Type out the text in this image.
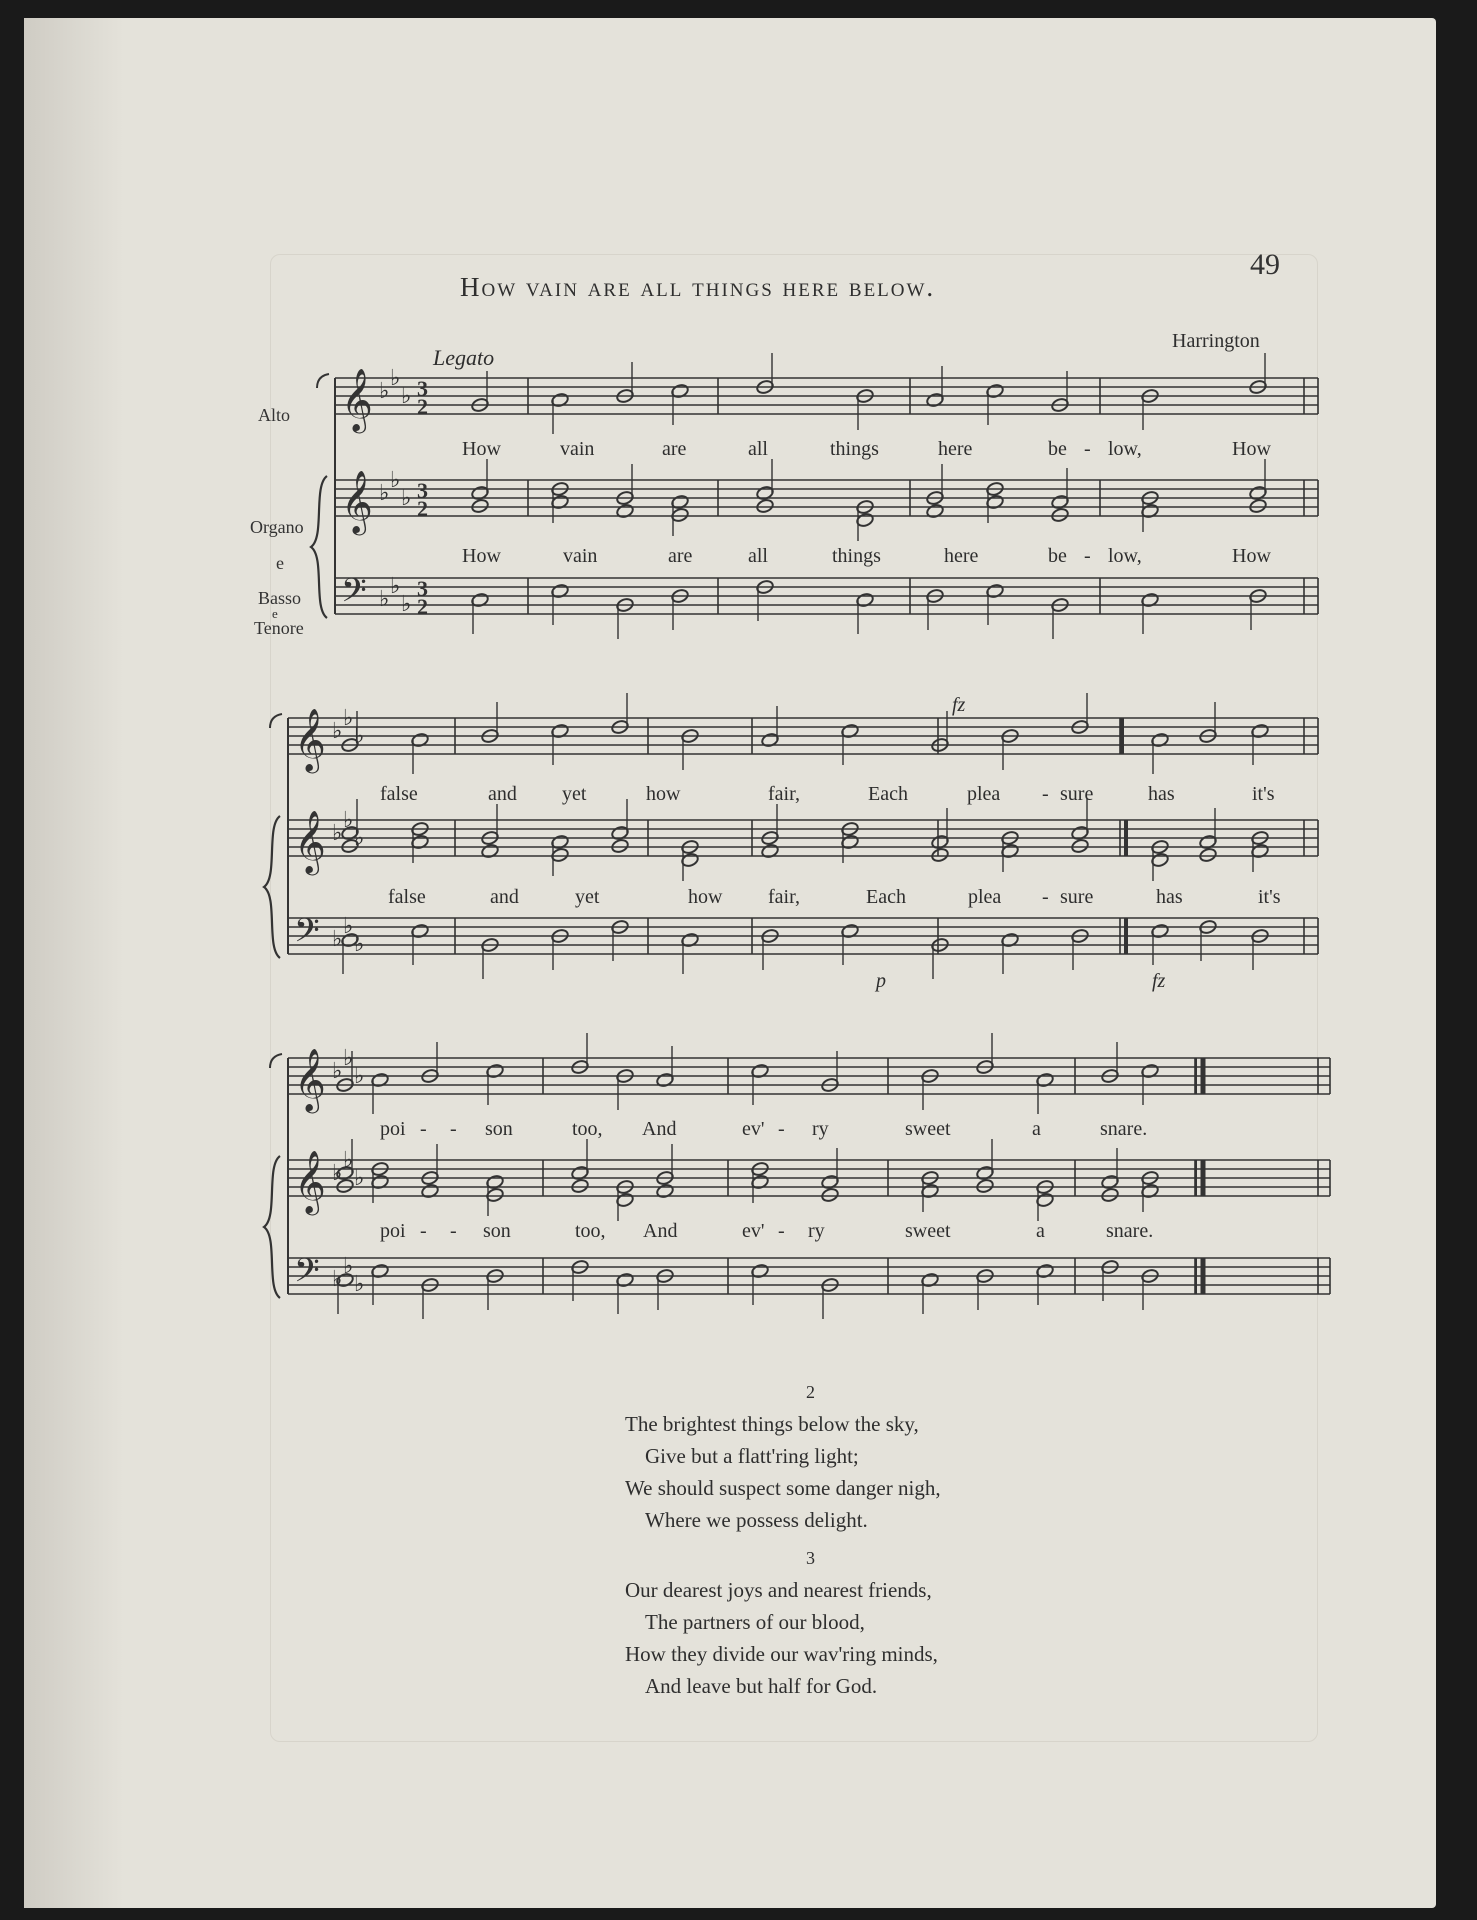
49
How vain are all things here below.
Harrington
Legato
Alto
Organo
e
Basso
e
Tenore
𝄞 ♭
♭
♭ 3
2
𝄞 ♭
♭
♭ 3
2
𝄢 ♭
♭
♭
3
2
𝄞 ♭
♭
♭
𝄞 ♭
♭
♭
𝄢 ♭
♭
♭
𝄞 ♭
♭
♭
𝄞 ♭
♭
♭
𝄢 ♭
♭
♭
How	vain	are	all	things	here	be - low,	How
How	vain	are	all	things	here	be - low,	How
false	and yet	how	fair,	Each	plea - sure	has	it's
false	and	yet	how fair,	Each	plea - sure	has	it's
poi - - son	too, And	ev' - ry	sweet	a	snare.
poi - - son	too, And	ev' - ry	sweet	a	snare.
fz
p	fz
2
The brightest things below the sky,
Give but a flatt'ring light;
We should suspect some danger nigh,
Where we possess delight.
3
Our dearest joys and nearest friends,
The partners of our blood,
How they divide our wav'ring minds,
And leave but half for God.
